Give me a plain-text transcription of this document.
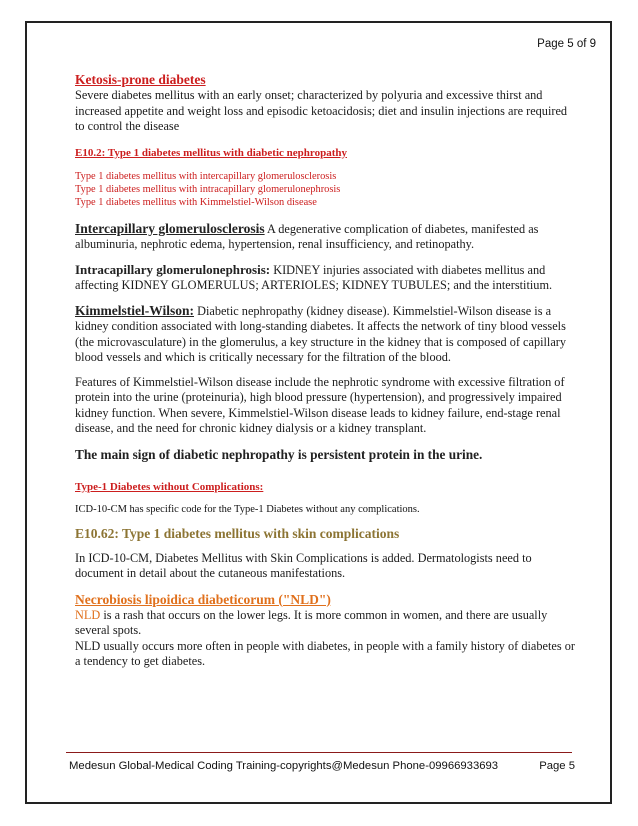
Page 5 of 9
Ketosis-prone diabetes

Severe diabetes mellitus with an early onset; characterized by polyuria and excessive thirst and increased appetite and weight loss and episodic ketoacidosis; diet and insulin injections are required to control the disease

E10.2: Type 1 diabetes mellitus with diabetic nephropathy
Type 1 diabetes mellitus with intercapillary glomerulosclerosis
Type 1 diabetes mellitus with intracapillary glomerulonephrosis
Type 1 diabetes mellitus with Kimmelstiel-Wilson disease

Intercapillary glomerulosclerosis A degenerative complication of diabetes, manifested as albuminuria, nephrotic edema, hypertension, renal insufficiency, and retinopathy.

Intracapillary glomerulonephrosis: KIDNEY injuries associated with diabetes mellitus and affecting KIDNEY GLOMERULUS; ARTERIOLES; KIDNEY TUBULES; and the interstitium.

Kimmelstiel-Wilson: Diabetic nephropathy (kidney disease). Kimmelstiel-Wilson disease is a kidney condition associated with long-standing diabetes. It affects the network of tiny blood vessels (the microvasculature) in the glomerulus, a key structure in the kidney that is composed of capillary blood vessels and which is critically necessary for the filtration of the blood.

Features of Kimmelstiel-Wilson disease include the nephrotic syndrome with excessive filtration of protein into the urine (proteinuria), high blood pressure (hypertension), and progressively impaired kidney function. When severe, Kimmelstiel-Wilson disease leads to kidney failure, end-stage renal disease, and the need for chronic kidney dialysis or a kidney transplant.

The main sign of diabetic nephropathy is persistent protein in the urine.

Type-1 Diabetes without Complications:

ICD-10-CM has specific code for the Type-1 Diabetes without any complications.

E10.62: Type 1 diabetes mellitus with skin complications

In ICD-10-CM, Diabetes Mellitus with Skin Complications is added. Dermatologists need to document in detail about the cutaneous manifestations.

Necrobiosis lipoidica diabeticorum ("NLD")

NLD is a rash that occurs on the lower legs. It is more common in women, and there are usually several spots.

NLD usually occurs more often in people with diabetes, in people with a family history of diabetes or a tendency to get diabetes.

Medesun Global-Medical Coding Training-copyrights@Medesun Phone-09966933693	Page 5
